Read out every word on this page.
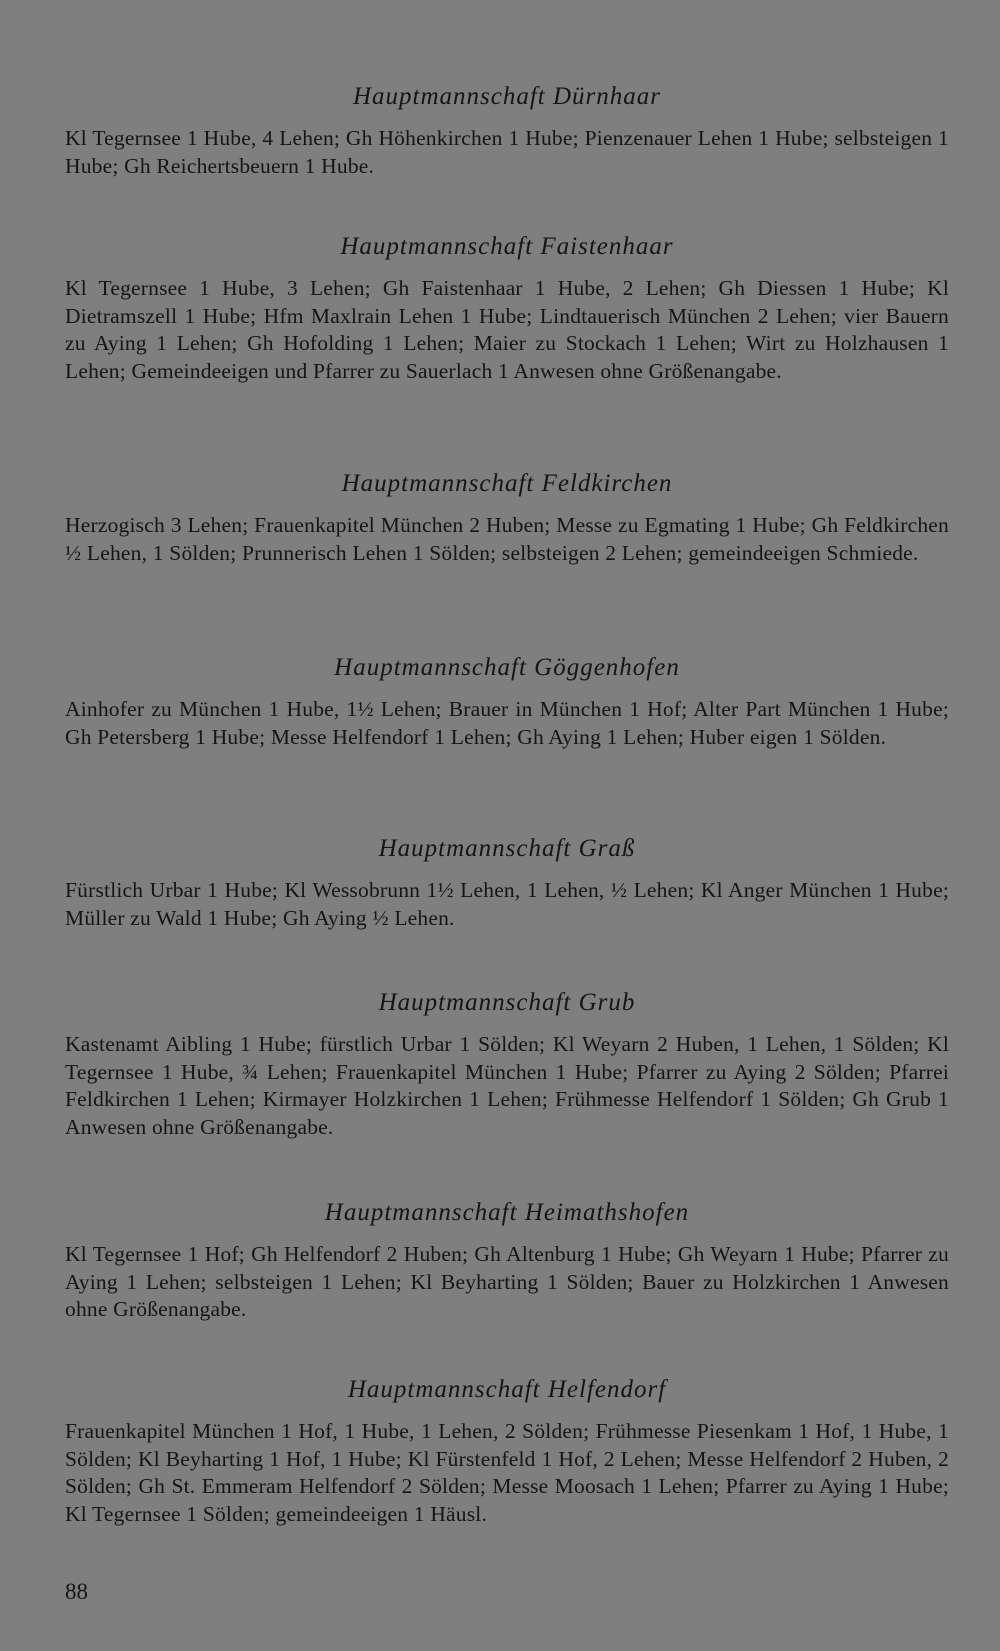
Hauptmannschaft Dürnhaar

Kl Tegernsee 1 Hube, 4 Lehen; Gh Höhenkirchen 1 Hube; Pienzenauer Lehen 1 Hube; selbsteigen 1 Hube; Gh Reichertsbeuern 1 Hube.

Hauptmannschaft Faistenhaar

Kl Tegernsee 1 Hube, 3 Lehen; Gh Faistenhaar 1 Hube, 2 Lehen; Gh Diessen 1 Hube; Kl Dietramszell 1 Hube; Hfm Maxlrain Lehen 1 Hube; Lindtauerisch München 2 Lehen; vier Bauern zu Aying 1 Lehen; Gh Hofolding 1 Lehen; Maier zu Stockach 1 Lehen; Wirt zu Holzhausen 1 Lehen; Gemeindeeigen und Pfarrer zu Sauerlach 1 Anwesen ohne Größenangabe.

Hauptmannschaft Feldkirchen

Herzogisch 3 Lehen; Frauenkapitel München 2 Huben; Messe zu Egmating 1 Hube; Gh Feldkirchen ½ Lehen, 1 Sölden; Prunnerisch Lehen 1 Sölden; selbsteigen 2 Lehen; gemeindeeigen Schmiede.

Hauptmannschaft Göggenhofen

Ainhofer zu München 1 Hube, 1½ Lehen; Brauer in München 1 Hof; Alter Part München 1 Hube; Gh Petersberg 1 Hube; Messe Helfendorf 1 Lehen; Gh Aying 1 Lehen; Huber eigen 1 Sölden.

Hauptmannschaft Graß

Fürstlich Urbar 1 Hube; Kl Wessobrunn 1½ Lehen, 1 Lehen, ½ Lehen; Kl Anger München 1 Hube; Müller zu Wald 1 Hube; Gh Aying ½ Lehen.

Hauptmannschaft Grub

Kastenamt Aibling 1 Hube; fürstlich Urbar 1 Sölden; Kl Weyarn 2 Huben, 1 Lehen, 1 Sölden; Kl Tegernsee 1 Hube, ¾ Lehen; Frauenkapitel München 1 Hube; Pfarrer zu Aying 2 Sölden; Pfarrei Feldkirchen 1 Lehen; Kirmayer Holzkirchen 1 Lehen; Frühmesse Helfendorf 1 Sölden; Gh Grub 1 Anwesen ohne Größenangabe.

Hauptmannschaft Heimathshofen

Kl Tegernsee 1 Hof; Gh Helfendorf 2 Huben; Gh Altenburg 1 Hube; Gh Weyarn 1 Hube; Pfarrer zu Aying 1 Lehen; selbsteigen 1 Lehen; Kl Beyharting 1 Sölden; Bauer zu Holzkirchen 1 Anwesen ohne Größenangabe.

Hauptmannschaft Helfendorf

Frauenkapitel München 1 Hof, 1 Hube, 1 Lehen, 2 Sölden; Frühmesse Piesenkam 1 Hof, 1 Hube, 1 Sölden; Kl Beyharting 1 Hof, 1 Hube; Kl Fürstenfeld 1 Hof, 2 Lehen; Messe Helfendorf 2 Huben, 2 Sölden; Gh St. Emmeram Helfendorf 2 Sölden; Messe Moosach 1 Lehen; Pfarrer zu Aying 1 Hube; Kl Tegernsee 1 Sölden; gemeindeeigen 1 Häusl.

88
